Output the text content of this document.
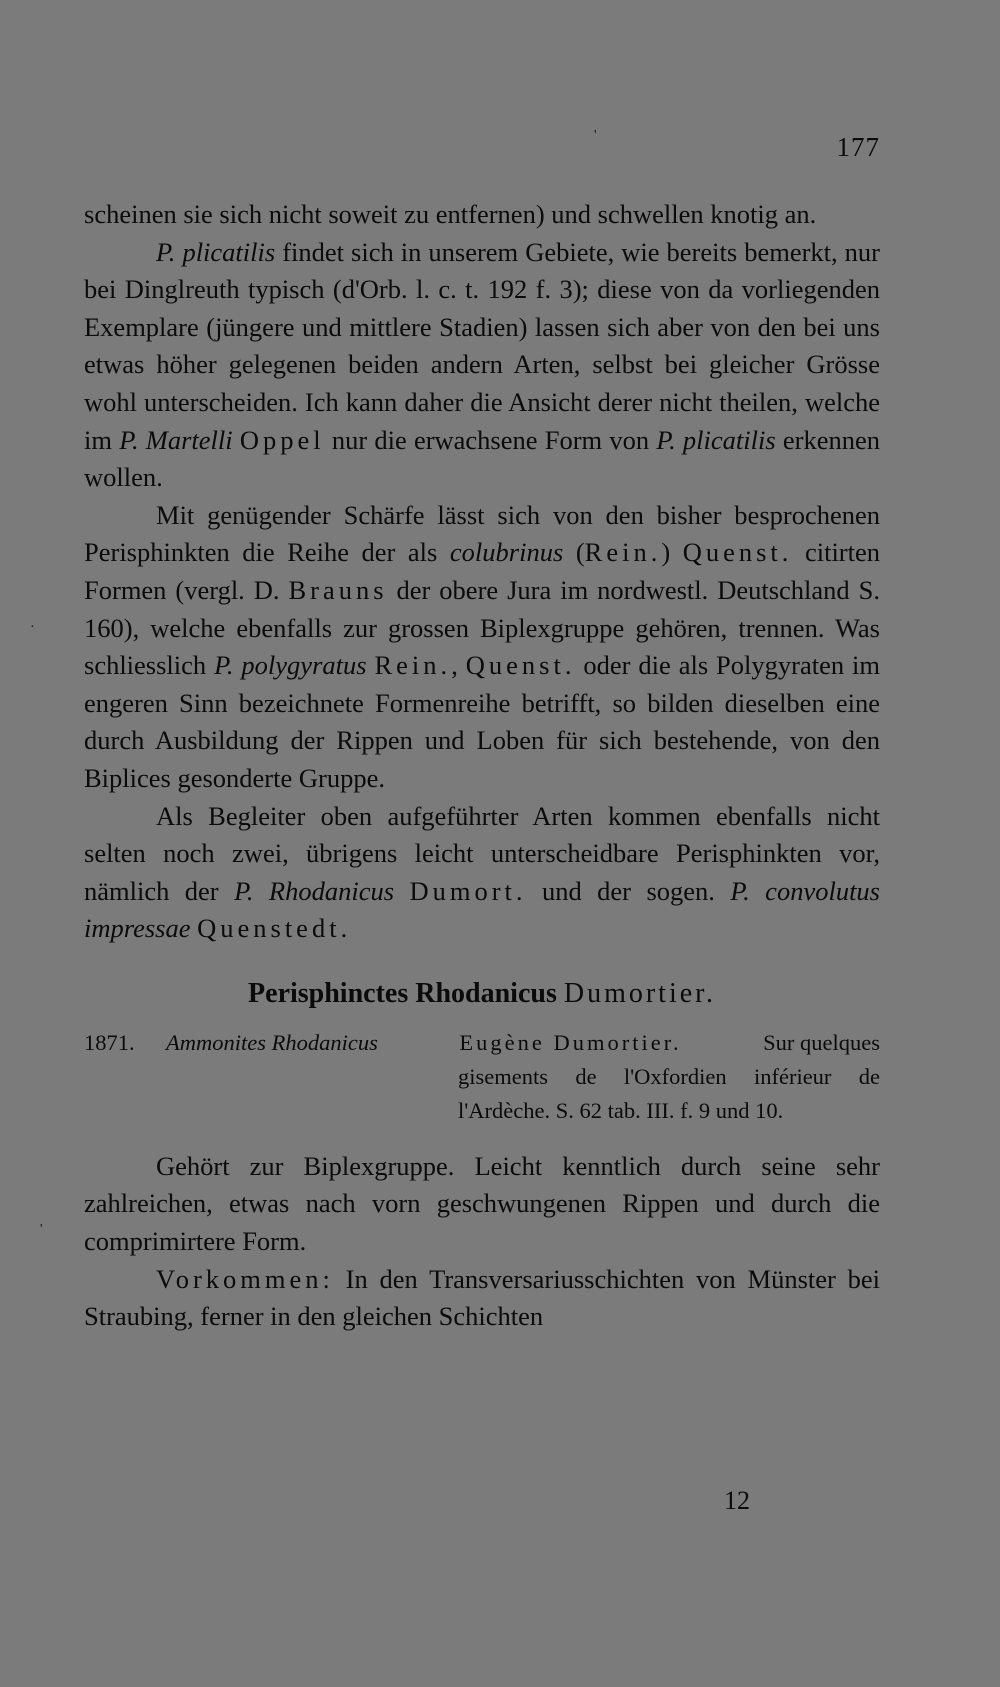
177

scheinen sie sich nicht soweit zu entfernen) und schwellen knotig an.

P. plicatilis findet sich in unserem Gebiete, wie bereits bemerkt, nur bei Dinglreuth typisch (d'Orb. l. c. t. 192 f. 3); diese von da vorliegenden Exemplare (jüngere und mittlere Stadien) lassen sich aber von den bei uns etwas höher gelegenen beiden andern Arten, selbst bei gleicher Grösse wohl unterscheiden. Ich kann daher die Ansicht derer nicht theilen, welche im P. Martelli Oppel nur die erwachsene Form von P. plicatilis erkennen wollen.

Mit genügender Schärfe lässt sich von den bisher besprochenen Perisphinkten die Reihe der als colubrinus (Rein.) Quenst. citirten Formen (vergl. D. Brauns der obere Jura im nordwestl. Deutschland S. 160), welche ebenfalls zur grossen Biplexgruppe gehören, trennen. Was schliesslich P. polygyratus Rein., Quenst. oder die als Polygyraten im engeren Sinn bezeichnete Formenreihe betrifft, so bilden dieselben eine durch Ausbildung der Rippen und Loben für sich bestehende, von den Biplices gesonderte Gruppe.

Als Begleiter oben aufgeführter Arten kommen ebenfalls nicht selten noch zwei, übrigens leicht unterscheidbare Perisphinkten vor, nämlich der P. Rhodanicus Dumort. und der sogen. P. convolutus impressae Quenstedt.

Perisphinctes Rhodanicus Dumortier.

1871.	Ammonites Rhodanicus	Eugène Dumortier.	Sur quelques
gisements de l'Oxfordien inférieur de l'Ardèche. S. 62 tab. III. f. 9 und 10.

Gehört zur Biplexgruppe. Leicht kenntlich durch seine sehr zahlreichen, etwas nach vorn geschwungenen Rippen und durch die comprimirtere Form.

Vorkommen: In den Transversariusschichten von Münster bei Straubing, ferner in den gleichen Schichten

12
'
·
'
